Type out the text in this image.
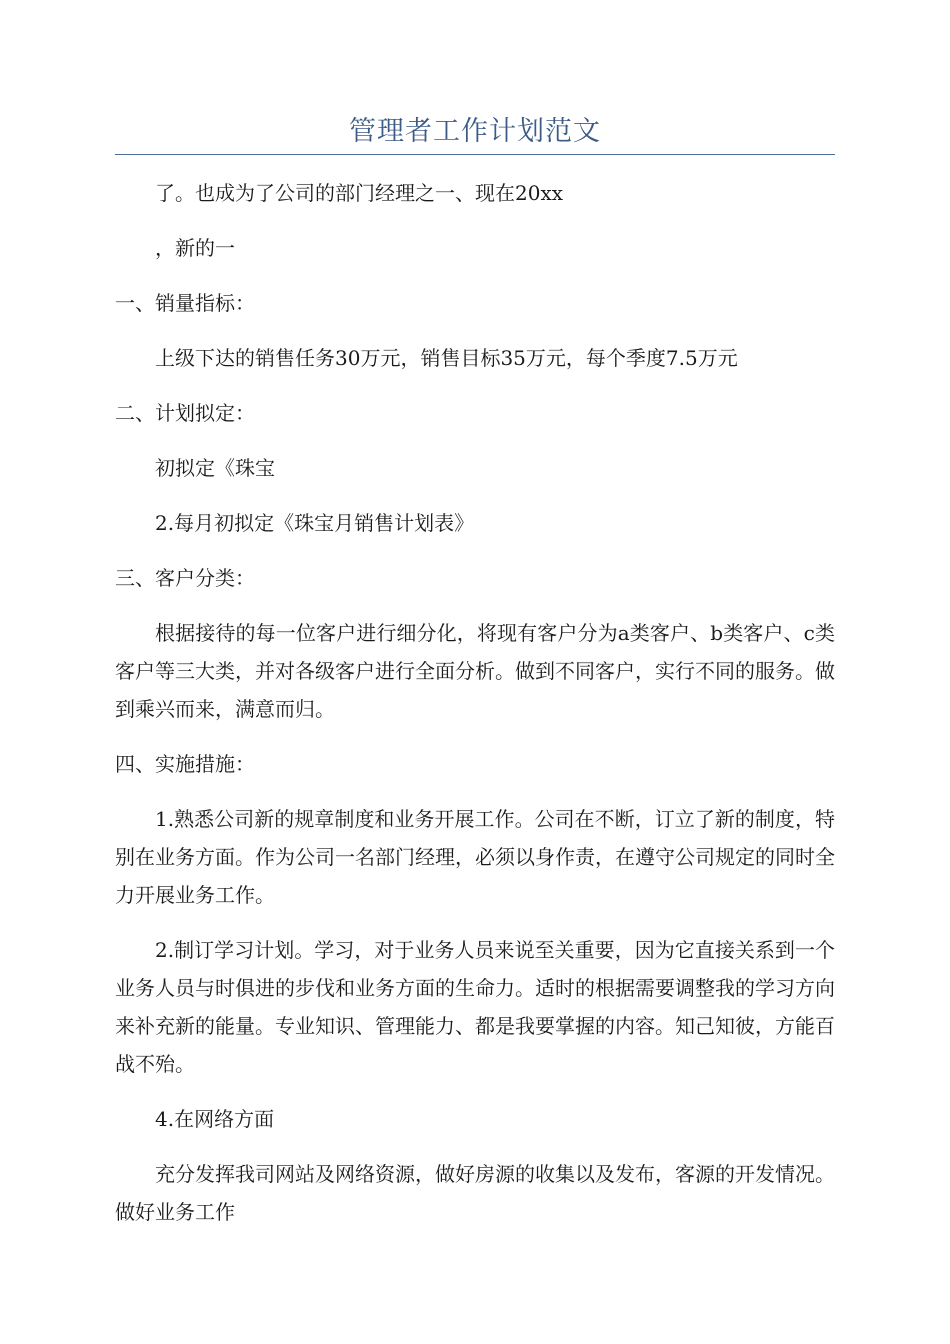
管理者工作计划范文

了。也成为了公司的部门经理之一、现在20xx

，新的一

一、销量指标：

上级下达的销售任务30万元，销售目标35万元，每个季度7.5万元

二、计划拟定：

初拟定《珠宝

2.每月初拟定《珠宝月销售计划表》

三、客户分类：

根据接待的每一位客户进行细分化，将现有客户分为a类客户、b类客户、c类客户等三大类，并对各级客户进行全面分析。做到不同客户，实行不同的服务。做到乘兴而来，满意而归。

四、实施措施：

1.熟悉公司新的规章制度和业务开展工作。公司在不断，订立了新的制度，特别在业务方面。作为公司一名部门经理，必须以身作责，在遵守公司规定的同时全力开展业务工作。

2.制订学习计划。学习，对于业务人员来说至关重要，因为它直接关系到一个业务人员与时俱进的步伐和业务方面的生命力。适时的根据需要调整我的学习方向来补充新的能量。专业知识、管理能力、都是我要掌握的内容。知己知彼，方能百战不殆。

4.在网络方面

充分发挥我司网站及网络资源，做好房源的收集以及发布，客源的开发情况。做好业务工作
